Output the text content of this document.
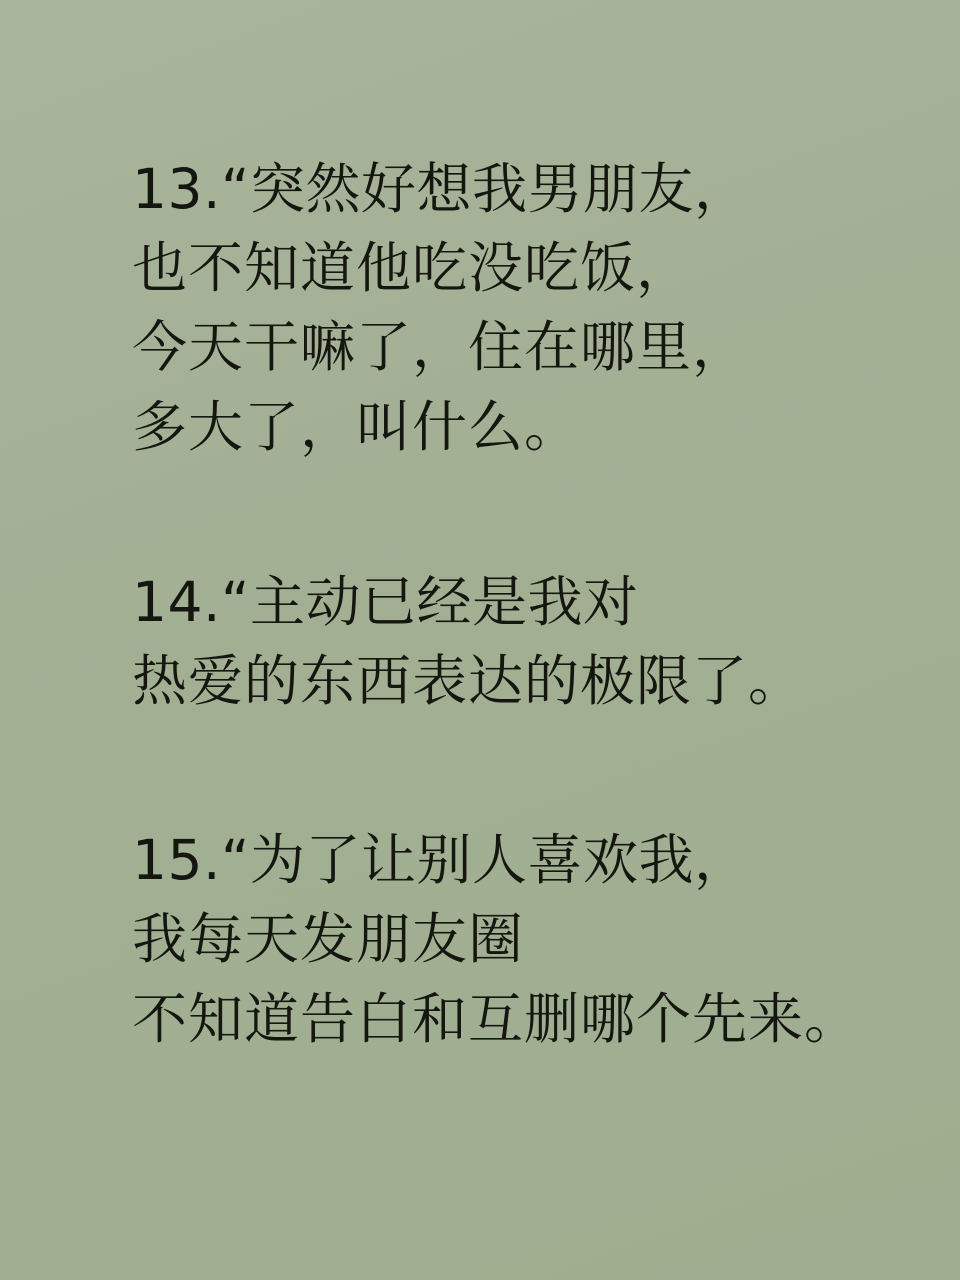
13.“突然好想我男朋友，
也不知道他吃没吃饭，
今天干嘛了，住在哪里，
多大了，叫什么。
14.“主动已经是我对
热爱的东西表达的极限了。
15.“为了让别人喜欢我，
我每天发朋友圈
不知道告白和互删哪个先来。
